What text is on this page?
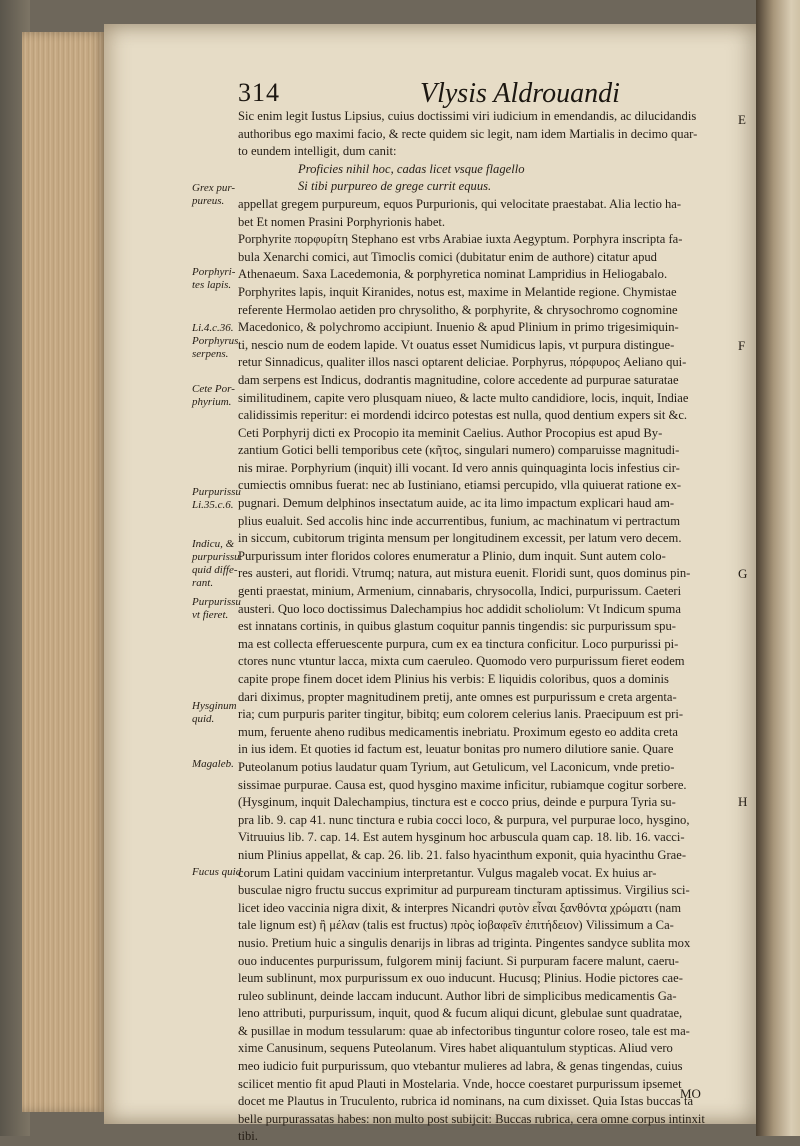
314	Vlysis Aldrouandi
Sic enim legit Iustus Lipsius, cuius doctissimi viri iudicium in emendandis, ac dilucidandis
authoribus ego maximi facio, & recte quidem sic legit, nam idem Martialis in decimo quar-
to eundem intelligit, dum canit:
Proficies nihil hoc, cadas licet vsque flagello
Si tibi purpureo de grege currit equus.
appellat gregem purpureum, equos Purpurionis, qui velocitate praestabat. Alia lectio ha-
bet Et nomen Prasini Porphyrionis habet.
Porphyrite πορφυρίτη Stephano est vrbs Arabiae iuxta Aegyptum. Porphyra inscripta fa-
bula Xenarchi comici, aut Timoclis comici (dubitatur enim de authore) citatur apud
Athenaeum. Saxa Lacedemonia, & porphyretica nominat Lampridius in Heliogabalo.
Porphyrites lapis, inquit Kiranides, notus est, maxime in Melantide regione. Chymistae
referente Hermolao aetiden pro chrysolitho, & porphyrite, & chrysochromo cognomine
Macedonico, & polychromo accipiunt. Inuenio & apud Plinium in primo trigesimiquin-
ti, nescio num de eodem lapide. Vt ouatus esset Numidicus lapis, vt purpura distingue-
retur Sinnadicus, qualiter illos nasci optarent deliciae. Porphyrus, πόρφυρος Aeliano qui-
dam serpens est Indicus, dodrantis magnitudine, colore accedente ad purpurae saturatae
similitudinem, capite vero plusquam niueo, & lacte multo candidiore, locis, inquit, Indiae
calidissimis reperitur: ei mordendi idcirco potestas est nulla, quod dentium expers sit &c.
Ceti Porphyrij dicti ex Procopio ita meminit Caelius. Author Procopius est apud By-
zantium Gotici belli temporibus cete (κῆτος, singulari numero) comparuisse magnitudi-
nis mirae. Porphyrium (inquit) illi vocant. Id vero annis quinquaginta locis infestius cir-
cumiectis omnibus fuerat: nec ab Iustiniano, etiamsi percupido, vlla quiuerat ratione ex-
pugnari. Demum delphinos insectatum auide, ac ita limo impactum explicari haud am-
plius eualuit. Sed accolis hinc inde accurrentibus, funium, ac machinatum vi pertractum
in siccum, cubitorum triginta mensum per longitudinem excessit, per latum vero decem.
Purpurissum inter floridos colores enumeratur a Plinio, dum inquit. Sunt autem colo-
res austeri, aut floridi. Vtrumq; natura, aut mistura euenit. Floridi sunt, quos dominus pin-
genti praestat, minium, Armenium, cinnabaris, chrysocolla, Indici, purpurissum. Caeteri
austeri. Quo loco doctissimus Dalechampius hoc addidit scholiolum: Vt Indicum spuma
est innatans cortinis, in quibus glastum coquitur pannis tingendis: sic purpurissum spu-
ma est collecta efferuescente purpura, cum ex ea tinctura conficitur. Loco purpurissi pi-
ctores nunc vtuntur lacca, mixta cum caeruleo. Quomodo vero purpurissum fieret eodem
capite prope finem docet idem Plinius his verbis: E liquidis coloribus, quos a dominis
dari diximus, propter magnitudinem pretij, ante omnes est purpurissum e creta argenta-
ria; cum purpuris pariter tingitur, bibitq; eum colorem celerius lanis. Praecipuum est pri-
mum, feruente aheno rudibus medicamentis inebriatu. Proximum egesto eo addita creta
in ius idem. Et quoties id factum est, leuatur bonitas pro numero dilutiore sanie. Quare
Puteolanum potius laudatur quam Tyrium, aut Getulicum, vel Laconicum, vnde pretio-
sissimae purpurae. Causa est, quod hysgino maxime inficitur, rubiamque cogitur sorbere.
(Hysginum, inquit Dalechampius, tinctura est e cocco prius, deinde e purpura Tyria su-
pra lib. 9. cap 41. nunc tinctura e rubia cocci loco, & purpura, vel purpurae loco, hysgino,
Vitruuius lib. 7. cap. 14. Est autem hysginum hoc arbuscula quam cap. 18. lib. 16. vacci-
nium Plinius appellat, & cap. 26. lib. 21. falso hyacinthum exponit, quia hyacinthu Grae-
corum Latini quidam vaccinium interpretantur. Vulgus magaleb vocat. Ex huius ar-
busculae nigro fructu succus exprimitur ad purpuream tincturam aptissimus. Virgilius sci-
licet ideo vaccinia nigra dixit, & interpres Nicandri φυτὸν εἶναι ξανθόντα χρώματι (nam
tale lignum est) ἢ μέλαν (talis est fructus) πρὸς ἰοβαφεῖν ἐπιτήδειον) Vilissimum a Ca-
nusio. Pretium huic a singulis denarijs in libras ad triginta. Pingentes sandyce sublita mox
ouo inducentes purpurissum, fulgorem minij faciunt. Si purpuram facere malunt, caeru-
leum sublinunt, mox purpurissum ex ouo inducunt. Hucusq; Plinius. Hodie pictores cae-
ruleo sublinunt, deinde laccam inducunt. Author libri de simplicibus medicamentis Ga-
leno attributi, purpurissum, inquit, quod & fucum aliqui dicunt, glebulae sunt quadratae,
& pusillae in modum tessularum: quae ab infectoribus tinguntur colore roseo, tale est ma-
xime Canusinum, sequens Puteolanum. Vires habet aliquantulum stypticas. Aliud vero
meo iudicio fuit purpurissum, quo vtebantur mulieres ad labra, & genas tingendas, cuius
scilicet mentio fit apud Plauti in Mostelaria. Vnde, hocce coestaret purpurissum ipsemet
docet me Plautus in Truculento, rubrica id nominans, na cum dixisset. Quia Istas buccas ta
belle purpurassatas habes: non multo post subijcit: Buccas rubrica, cera omne corpus intinxit
tibi.
Grex pur-
pureus.
Porphyri-
tes lapis.
Li.4.c.36.
Porphyrus
serpens.
Cete Por-
phyrium.
Purpurissu
Li.35.c.6.
Indicu, &
purpurissu
quid diffe-
rant.
Purpurissu
vt fieret.
Hysginum
quid.
Magaleb.
Fucus quid
E
F
G
H
MO
